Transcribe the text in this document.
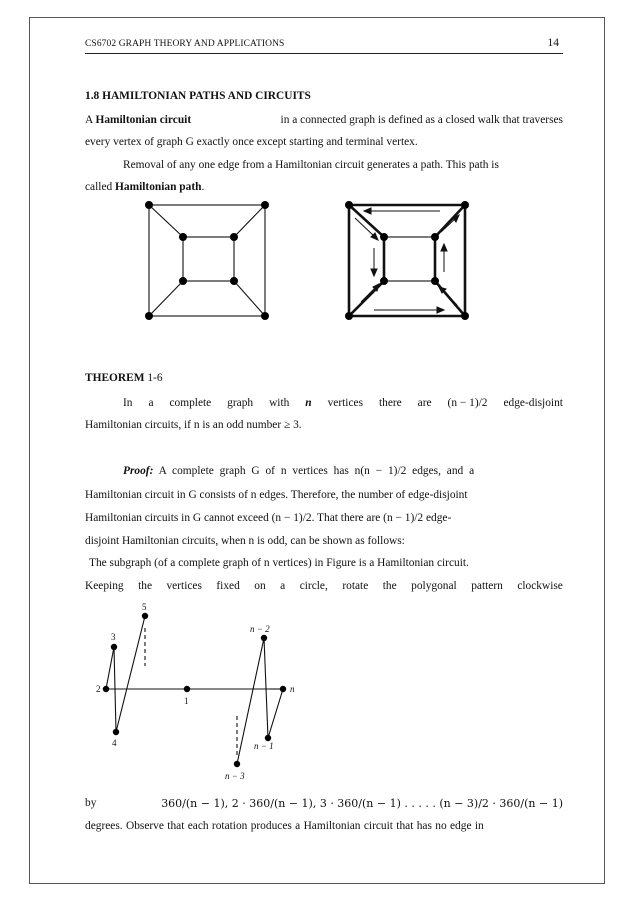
CS6702 GRAPH THEORY AND APPLICATIONS	14
1.8 HAMILTONIAN PATHS AND CIRCUITS
A Hamiltonian circuit	in a connected graph is defined as a closed walk that traverses
every vertex of graph G exactly once except starting and terminal vertex.
Removal of any one edge from a Hamiltonian circuit generates a path. This path is
called Hamiltonian path.
THEOREM 1-6
In a complete graph with n vertices there are (n − 1)/2 edge-disjoint
Hamiltonian circuits, if n is an odd number ≥ 3.
Proof: A complete graph G of n vertices has n(n − 1)/2 edges, and a
Hamiltonian circuit in G consists of n edges. Therefore, the number of edge-disjoint
Hamiltonian circuits in G cannot exceed (n − 1)/2. That there are (n − 1)/2 edge-
disjoint Hamiltonian circuits, when n is odd, can be shown as follows:
The subgraph (of a complete graph of n vertices) in Figure is a Hamiltonian circuit.
Keeping the vertices fixed on a circle, rotate the polygonal pattern clockwise
5
3
2
1
4
n − 2
n
n − 1
n − 3
by	360/(n − 1), 2 · 360/(n − 1), 3 · 360/(n − 1) . . . . . (n − 3)/2 · 360/(n − 1)
degrees. Observe that each rotation produces a Hamiltonian circuit that has no edge in
